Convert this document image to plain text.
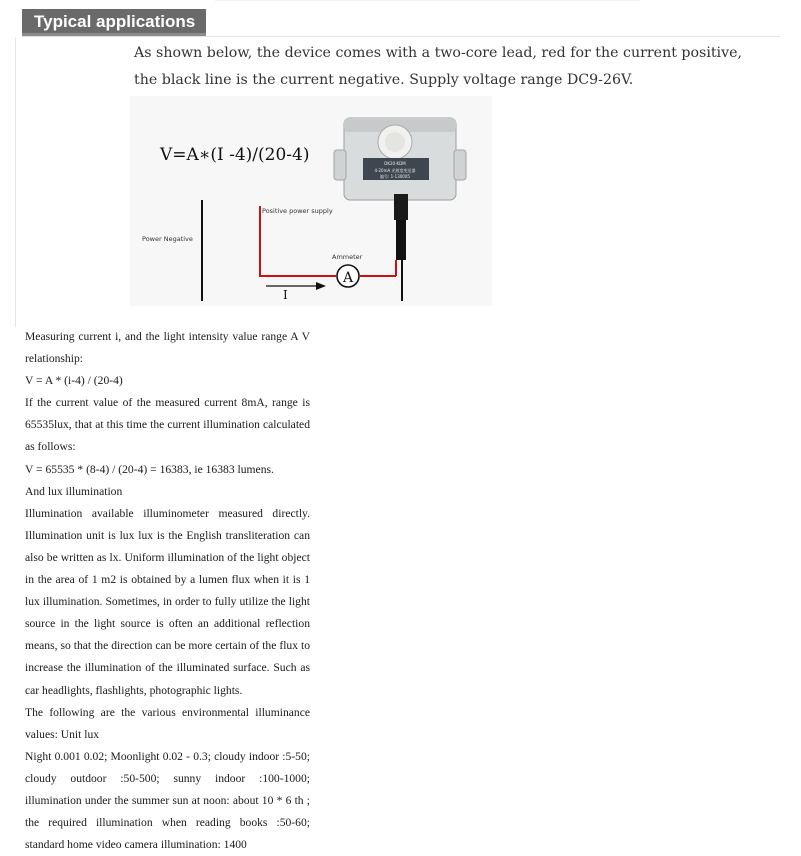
Typical applications
As shown below, the device comes with a two-core lead, red for the current positive,
the black line is the current negative. Supply voltage range DC9-26V.
V=A∗(I -4)/(20-4)	DK20-KDM
4-20mA 光照度变送器
编号: 1-130005
A
Ammeter
I
Positive power supply
Power Negative

Measuring current i, and the light intensity value range A V relationship:

V = A * (i-4) / (20-4)

If the current value of the measured current 8mA, range is 65535lux, that at this time the current illumination calculated as follows:

V = 65535 * (8-4) / (20-4) = 16383, ie 16383 lumens.

And lux illumination

Illumination available illuminometer measured directly. Illumination unit is lux lux is the English transliteration can also be written as lx. Uniform illumination of the light object in the area of 1 m2 is obtained by a lumen flux when it is 1 lux illumination. Sometimes, in order to fully utilize the light source in the light source is often an additional reflection means, so that the direction can be more certain of the flux to increase the illumination of the illuminated surface. Such as car headlights, flashlights, photographic lights.

The following are the various environmental illuminance values: Unit lux

Night 0.001 0.02; Moonlight 0.02 - 0.3; cloudy indoor :5-50; cloudy outdoor :50-500; sunny indoor :100-1000; illumination under the summer sun at noon: about 10 * 6 th ; the required illumination when reading books :50-60; standard home video camera illumination: 1400
